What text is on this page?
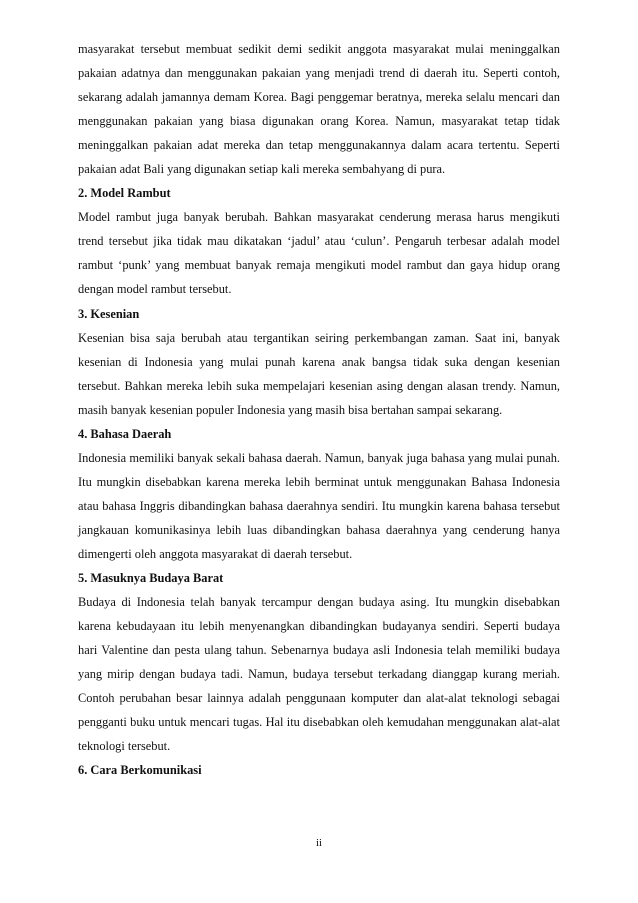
masyarakat tersebut membuat sedikit demi sedikit anggota masyarakat mulai meninggalkan pakaian adatnya dan menggunakan pakaian yang menjadi trend di daerah itu. Seperti contoh, sekarang adalah jamannya demam Korea. Bagi penggemar beratnya, mereka selalu mencari dan menggunakan pakaian yang biasa digunakan orang Korea. Namun, masyarakat tetap tidak meninggalkan pakaian adat mereka dan tetap menggunakannya dalam acara tertentu. Seperti pakaian adat Bali yang digunakan setiap kali mereka sembahyang di pura.

2. Model Rambut

Model rambut juga banyak berubah. Bahkan masyarakat cenderung merasa harus mengikuti trend tersebut jika tidak mau dikatakan ‘jadul’ atau ‘culun’. Pengaruh terbesar adalah model rambut ‘punk’ yang membuat banyak remaja mengikuti model rambut dan gaya hidup orang dengan model rambut tersebut.

3. Kesenian

Kesenian bisa saja berubah atau tergantikan seiring perkembangan zaman. Saat ini, banyak kesenian di Indonesia yang mulai punah karena anak bangsa tidak suka dengan kesenian tersebut. Bahkan mereka lebih suka mempelajari kesenian asing dengan alasan trendy. Namun, masih banyak kesenian populer Indonesia yang masih bisa bertahan sampai sekarang.

4. Bahasa Daerah

Indonesia memiliki banyak sekali bahasa daerah. Namun, banyak juga bahasa yang mulai punah. Itu mungkin disebabkan karena mereka lebih berminat untuk menggunakan Bahasa Indonesia atau bahasa Inggris dibandingkan bahasa daerahnya sendiri. Itu mungkin karena bahasa tersebut jangkauan komunikasinya lebih luas dibandingkan bahasa daerahnya yang cenderung hanya dimengerti oleh anggota masyarakat di daerah tersebut.

5. Masuknya Budaya Barat

Budaya di Indonesia telah banyak tercampur dengan budaya asing. Itu mungkin disebabkan karena kebudayaan itu lebih menyenangkan dibandingkan budayanya sendiri. Seperti budaya hari Valentine dan pesta ulang tahun. Sebenarnya budaya asli Indonesia telah memiliki budaya yang mirip dengan budaya tadi. Namun, budaya tersebut terkadang dianggap kurang meriah. Contoh perubahan besar lainnya adalah penggunaan komputer dan alat-alat teknologi sebagai pengganti buku untuk mencari tugas. Hal itu disebabkan oleh kemudahan menggunakan alat-alat teknologi tersebut.

6. Cara Berkomunikasi

ii
